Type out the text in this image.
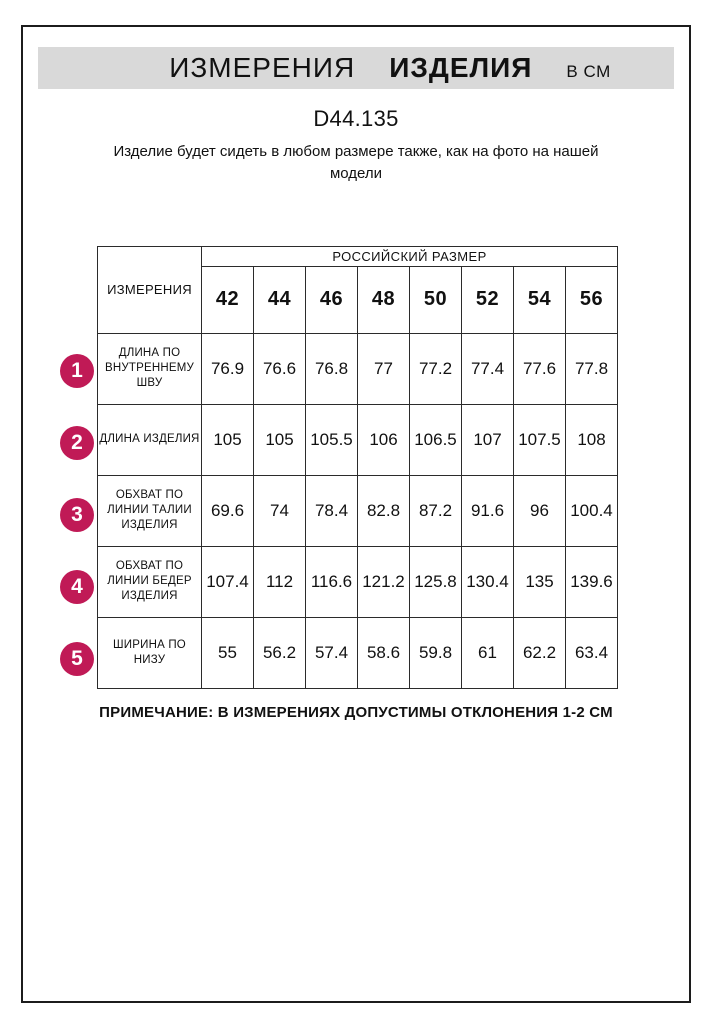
ИЗМЕРЕНИЯ ИЗДЕЛИЯ В СМ
D44.135
Изделие будет сидеть в любом размере также, как на фото на нашей модели
1
2
3
4
5
ИЗМЕРЕНИЯ	РОССИЙСКИЙ РАЗМЕР							
	42	44	46	48	50	52	54	56
ДЛИНА ПО ВНУТРЕННЕМУ ШВУ	76.9	76.6	76.8	77	77.2	77.4	77.6	77.8
ДЛИНА ИЗДЕЛИЯ	105	105	105.5	106	106.5	107	107.5	108
ОБХВАТ ПО ЛИНИИ ТАЛИИ ИЗДЕЛИЯ	69.6	74	78.4	82.8	87.2	91.6	96	100.4
ОБХВАТ ПО ЛИНИИ БЕДЕР ИЗДЕЛИЯ	107.4	112	116.6	121.2	125.8	130.4	135	139.6
ШИРИНА ПО НИЗУ	55	56.2	57.4	58.6	59.8	61	62.2	63.4
ПРИМЕЧАНИЕ: В ИЗМЕРЕНИЯХ ДОПУСТИМЫ ОТКЛОНЕНИЯ 1-2 СМ
